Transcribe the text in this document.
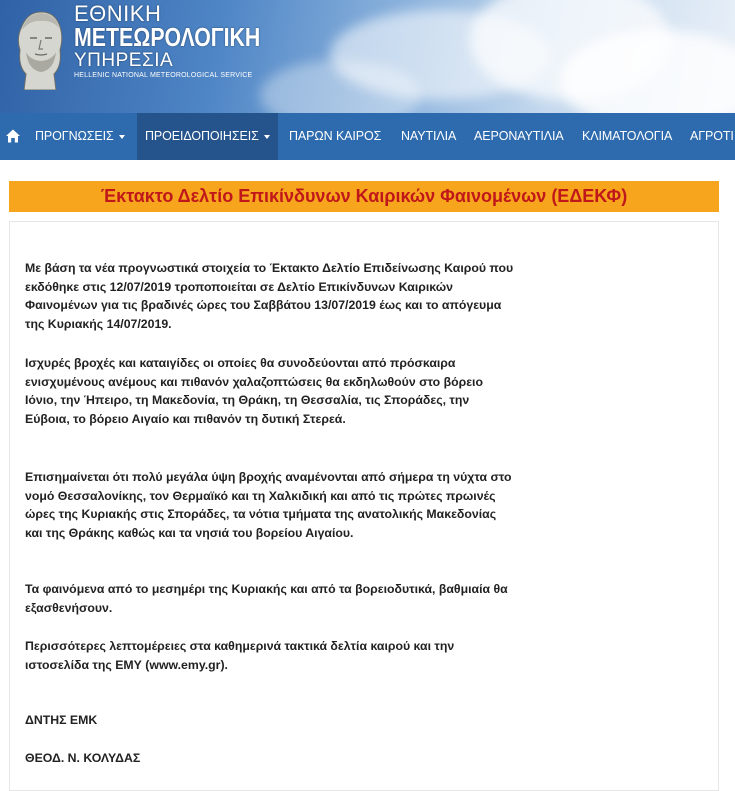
ΕΘΝΙΚΗ
ΜΕΤΕΩΡΟΛΟΓΙΚΗ
ΥΠΗΡΕΣΙΑ
HELLENIC NATIONAL METEOROLOGICAL SERVICE
ΠΡΟΓΝΩΣΕΙΣ	ΠΡΟΕΙΔΟΠΟΙΗΣΕΙΣ	ΠΑΡΩΝ ΚΑΙΡΟΣ	ΝΑΥΤΙΛΙΑ	ΑΕΡΟΝΑΥΤΙΛΙΑ	ΚΛΙΜΑΤΟΛΟΓΙΑ	ΑΓΡΟΤΙ
Έκτακτο Δελτίο Επικίνδυνων Καιρικών Φαινομένων (ΕΔΕΚΦ)

Με βάση τα νέα προγνωστικά στοιχεία το Έκτακτο Δελτίο Επιδείνωσης Καιρού που εκδόθηκε στις 12/07/2019 τροποποιείται σε Δελτίο Επικίνδυνων Καιρικών Φαινομένων για τις βραδινές ώρες του Σαββάτου 13/07/2019 έως και το απόγευμα της Κυριακής 14/07/2019.

Ισχυρές βροχές και καταιγίδες οι οποίες θα συνοδεύονται από πρόσκαιρα ενισχυμένους ανέμους και πιθανόν χαλαζοπτώσεις θα εκδηλωθούν στο βόρειο Ιόνιο, την Ήπειρο, τη Μακεδονία, τη Θράκη, τη Θεσσαλία, τις Σποράδες, την Εύβοια, το βόρειο Αιγαίο και πιθανόν τη δυτική Στερεά.

Επισημαίνεται ότι πολύ μεγάλα ύψη βροχής αναμένονται από σήμερα τη νύχτα στο νομό Θεσσαλονίκης, τον Θερμαϊκό και τη Χαλκιδική και από τις πρώτες πρωινές ώρες της Κυριακής στις Σποράδες, τα νότια τμήματα της ανατολικής Μακεδονίας και της Θράκης καθώς και τα νησιά του βορείου Αιγαίου.

Τα φαινόμενα από το μεσημέρι της Κυριακής και από τα βορειοδυτικά, βαθμιαία θα εξασθενήσουν.

Περισσότερες λεπτομέρειες στα καθημερινά τακτικά δελτία καιρού και την ιστοσελίδα της ΕΜΥ (www.emy.gr).

ΔΝΤΗΣ ΕΜΚ

ΘΕΟΔ. Ν. ΚΟΛΥΔΑΣ
